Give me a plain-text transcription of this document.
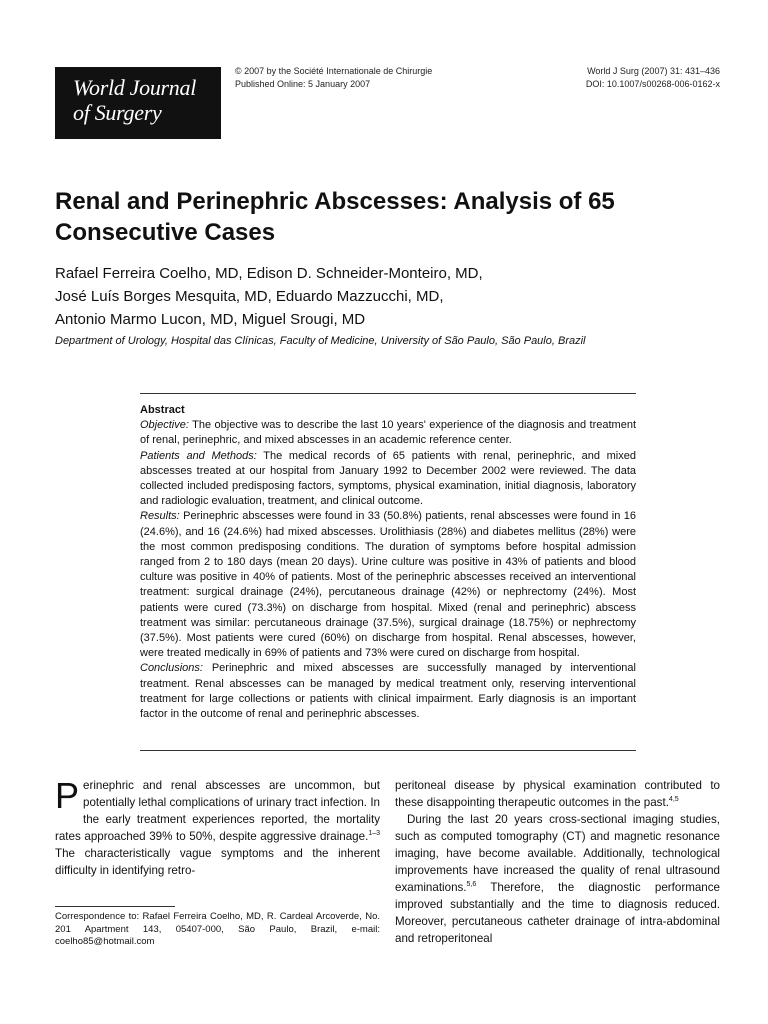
World Journal
of Surgery
© 2007 by the Société Internationale de Chirurgie
Published Online: 5 January 2007
World J Surg (2007) 31: 431–436
DOI: 10.1007/s00268-006-0162-x
Renal and Perinephric Abscesses: Analysis of 65
Consecutive Cases
Rafael Ferreira Coelho, MD, Edison D. Schneider-Monteiro, MD,
José Luís Borges Mesquita, MD, Eduardo Mazzucchi, MD,
Antonio Marmo Lucon, MD, Miguel Srougi, MD
Department of Urology, Hospital das Clínicas, Faculty of Medicine, University of São Paulo, São Paulo, Brazil

Abstract

Objective: The objective was to describe the last 10 years' experience of the diagnosis and treatment of renal, perinephric, and mixed abscesses in an academic reference center.

Patients and Methods: The medical records of 65 patients with renal, perinephric, and mixed abscesses treated at our hospital from January 1992 to December 2002 were reviewed. The data collected included predisposing factors, symptoms, physical examination, initial diagnosis, laboratory and radiologic evaluation, treatment, and clinical outcome.

Results: Perinephric abscesses were found in 33 (50.8%) patients, renal abscesses were found in 16 (24.6%), and 16 (24.6%) had mixed abscesses. Urolithiasis (28%) and diabetes mellitus (28%) were the most common predisposing conditions. The duration of symptoms before hospital admission ranged from 2 to 180 days (mean 20 days). Urine culture was positive in 43% of patients and blood culture was positive in 40% of patients. Most of the perinephric abscesses received an interventional treatment: surgical drainage (24%), percutaneous drainage (42%) or nephrectomy (24%). Most patients were cured (73.3%) on discharge from hospital. Mixed (renal and perinephric) abscess treatment was similar: percutaneous drainage (37.5%), surgical drainage (18.75%) or nephrectomy (37.5%). Most patients were cured (60%) on discharge from hospital. Renal abscesses, however, were treated medically in 69% of patients and 73% were cured on discharge from hospital.

Conclusions: Perinephric and mixed abscesses are successfully managed by interventional treatment. Renal abscesses can be managed by medical treatment only, reserving interventional treatment for large collections or patients with clinical impairment. Early diagnosis is an important factor in the outcome of renal and perinephric abscesses.

Perinephric and renal abscesses are uncommon, but potentially lethal complications of urinary tract infection. In the early treatment experiences reported, the mortality rates approached 39% to 50%, despite aggressive drainage.$^{1-3}$ The characteristically vague symptoms and the inherent difficulty in identifying retro-

Correspondence to: Rafael Ferreira Coelho, MD, R. Cardeal Arcoverde, No. 201 Apartment 143, 05407-000, São Paulo, Brazil, e-mail: coelho85@hotmail.com

peritoneal disease by physical examination contributed to these disappointing therapeutic outcomes in the past.$^{4,5}$

During the last 20 years cross-sectional imaging studies, such as computed tomography (CT) and magnetic resonance imaging, have become available. Additionally, technological improvements have increased the quality of renal ultrasound examinations.$^{5,6}$ Therefore, the diagnostic performance improved substantially and the time to diagnosis reduced. Moreover, percutaneous catheter drainage of intra-abdominal and retroperitoneal
